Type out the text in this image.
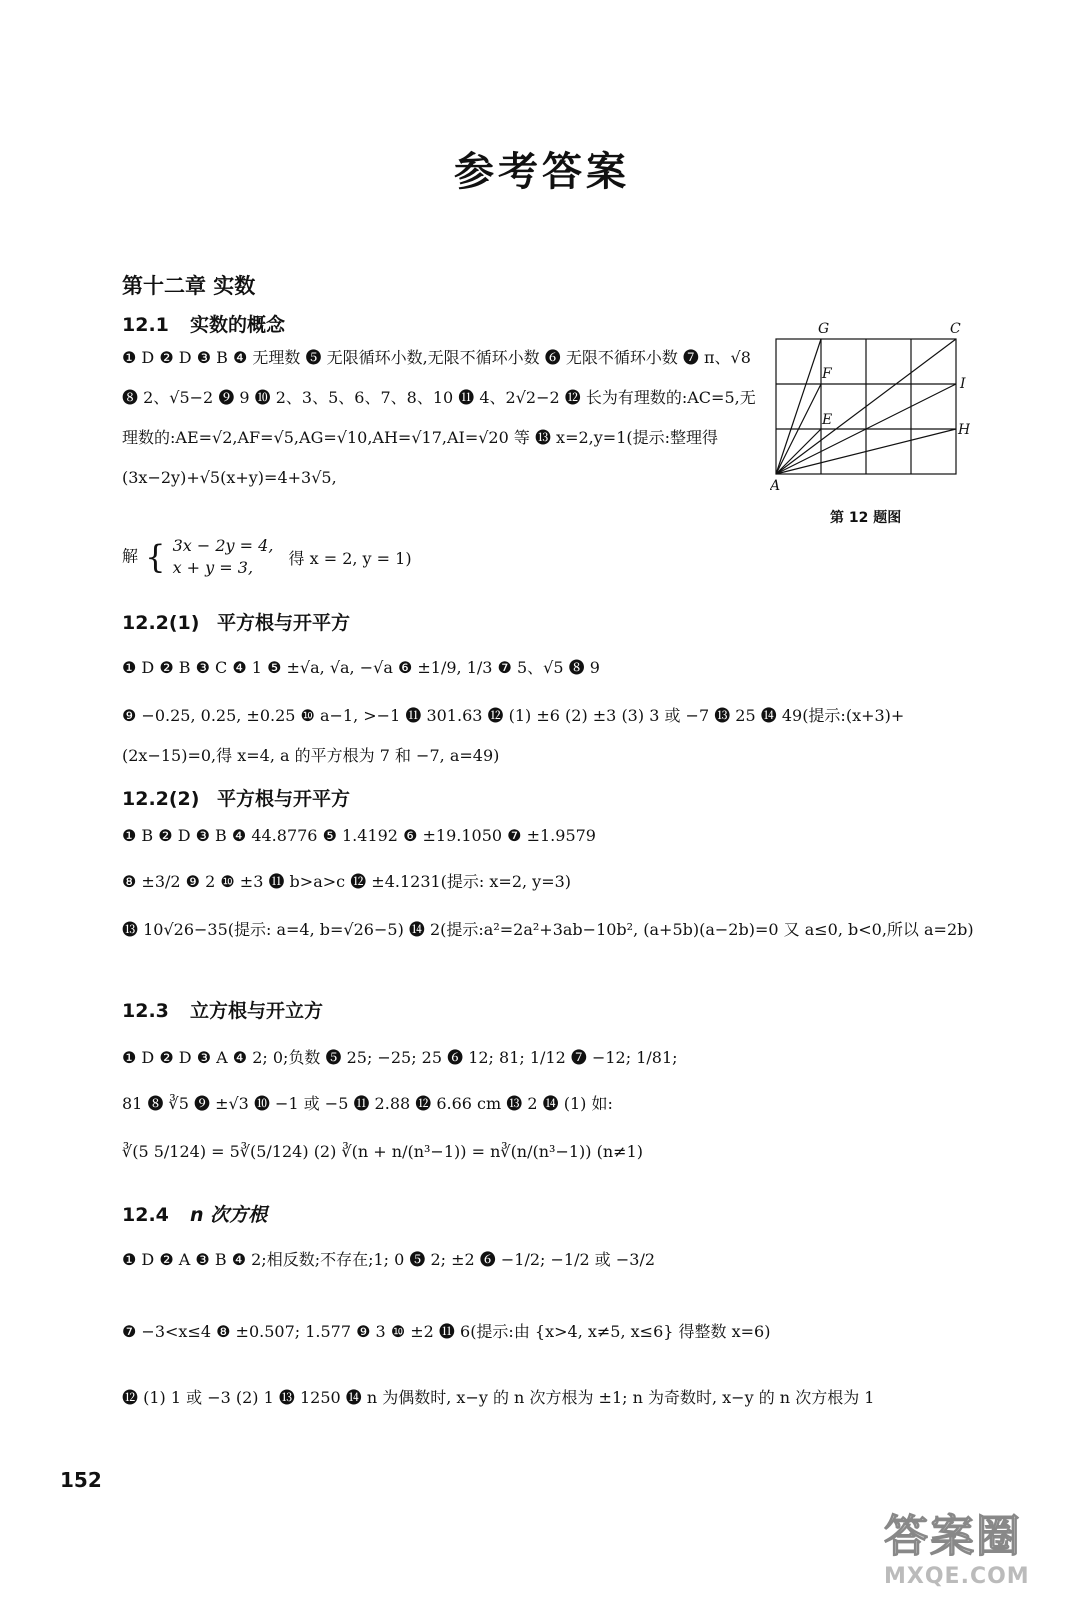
参考答案
第十二章 实数
12.1 实数的概念
❶ D ❷ D ❸ B ❹ 无理数 ❺ 无限循环小数,无限不循环小数 ❻ 无限不循环小数 ❼ π、√8 ❽ 2、√5−2 ❾ 9 ❿ 2、3、5、6、7、8、10 ⓫ 4、2√2−2 ⓬ 长为有理数的:AC=5,无理数的:AE=√2,AF=√5,AG=√10,AH=√17,AI=√20 等 ⓭ x=2,y=1(提示:整理得(3x−2y)+√5(x+y)=4+3√5,
解 { 3x − 2y = 4,
x + y = 3,	得 x = 2, y = 1)
G	C
F
I
E
H
A
第 12 题图
12.2(1) 平方根与开平方
❶ D ❷ B ❸ C ❹ 1 ❺ ±√a, √a, −√a ❻ ±1/9, 1/3 ❼ 5、√5 ❽ 9
❾ −0.25, 0.25, ±0.25 ❿ a−1, >−1 ⓫ 301.63 ⓬ (1) ±6 (2) ±3 (3) 3 或 −7 ⓭ 25 ⓮ 49(提示:(x+3)+(2x−15)=0,得 x=4, a 的平方根为 7 和 −7, a=49)
12.2(2) 平方根与开平方
❶ B ❷ D ❸ B ❹ 44.8776 ❺ 1.4192 ❻ ±19.1050 ❼ ±1.9579
❽ ±3/2 ❾ 2 ❿ ±3 ⓫ b>a>c ⓬ ±4.1231(提示: x=2, y=3)
⓭ 10√26−35(提示: a=4, b=√26−5) ⓮ 2(提示:a²=2a²+3ab−10b², (a+5b)(a−2b)=0 又 a≤0, b<0,所以 a=2b)
12.3 立方根与开立方
❶ D ❷ D ❸ A ❹ 2; 0;负数 ❺ 25; −25; 25 ❻ 12; 81; 1/12 ❼ −12; 1/81;
81 ❽ ∛5 ❾ ±√3 ❿ −1 或 −5 ⓫ 2.88 ⓬ 6.66 cm ⓭ 2 ⓮ (1) 如:
∛(5 5/124) = 5∛(5/124) (2) ∛(n + n/(n³−1)) = n∛(n/(n³−1)) (n≠1)
12.4 n 次方根
❶ D ❷ A ❸ B ❹ 2;相反数;不存在;1; 0 ❺ 2; ±2 ❻ −1/2; −1/2 或 −3/2
❼ −3<x≤4 ❽ ±0.507; 1.577 ❾ 3 ❿ ±2 ⓫ 6(提示:由 {x>4, x≠5, x≤6} 得整数 x=6)
⓬ (1) 1 或 −3 (2) 1 ⓭ 1250 ⓮ n 为偶数时, x−y 的 n 次方根为 ±1; n 为奇数时, x−y 的 n 次方根为 1
152
答案圈
MXQE.COM
